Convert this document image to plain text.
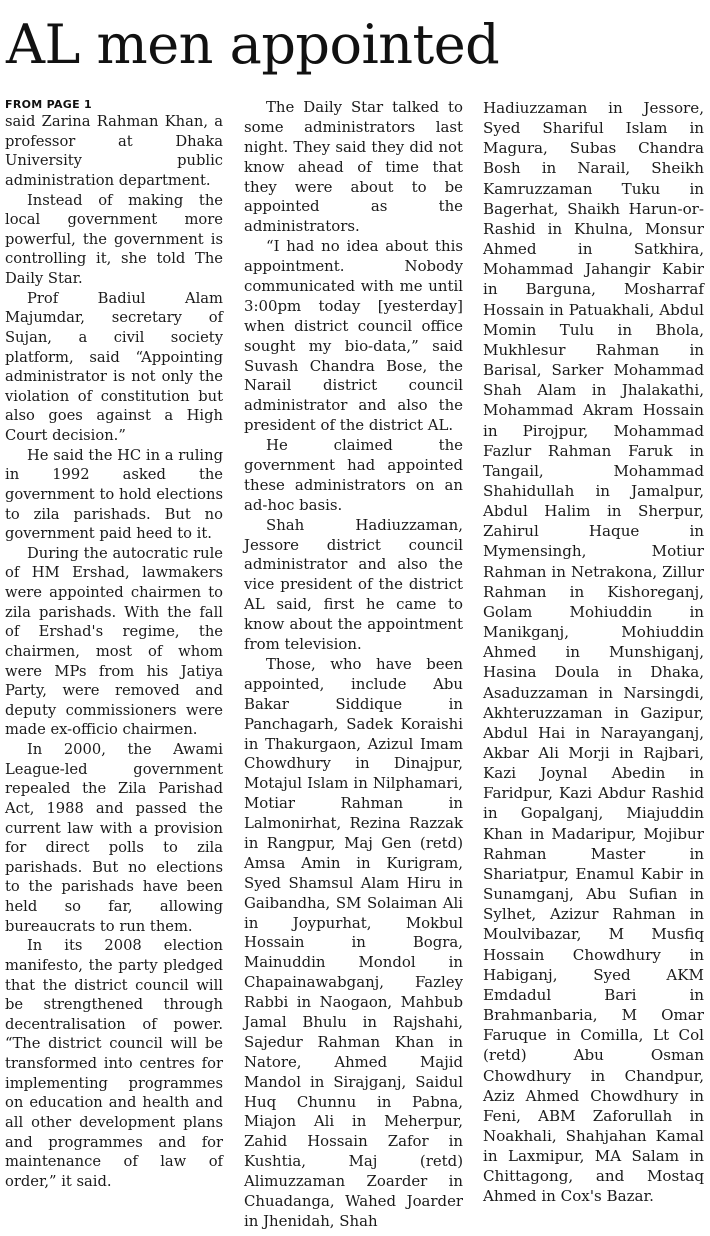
AL men appointed
FROM PAGE 1

said Zarina Rahman Khan, a professor at Dhaka University public administration department.

Instead of making the local government more powerful, the government is controlling it, she told The Daily Star.

Prof Badiul Alam Majumdar, secretary of Sujan, a civil society platform, said “Appointing administrator is not only the violation of constitution but also goes against a High Court decision.”

He said the HC in a ruling in 1992 asked the government to hold elections to zila parishads. But no government paid heed to it.

During the autocratic rule of HM Ershad, lawmakers were appointed chairmen to zila parishads. With the fall of Ershad's regime, the chairmen, most of whom were MPs from his Jatiya Party, were removed and deputy commissioners were made ex-officio chairmen.

In 2000, the Awami League-led government repealed the Zila Parishad Act, 1988 and passed the current law with a provision for direct polls to zila parishads. But no elections to the parishads have been held so far, allowing bureaucrats to run them.

In its 2008 election manifesto, the party pledged that the district council will be strengthened through decentralisation of power. “The district council will be transformed into centres for implementing programmes on education and health and all other development plans and programmes and for maintenance of law of order,” it said.

The Daily Star talked to some administrators last night. They said they did not know ahead of time that they were about to be appointed as the administrators.

“I had no idea about this appointment. Nobody communicated with me until 3:00pm today [yesterday] when district council office sought my bio-data,” said Suvash Chandra Bose, the Narail district council administrator and also the president of the district AL.

He claimed the government had appointed these administrators on an ad-hoc basis.

Shah Hadiuzzaman, Jessore district council administrator and also the vice president of the district AL said, first he came to know about the appointment from television.

Those, who have been appointed, include Abu Bakar Siddique in Panchagarh, Sadek Koraishi in Thakurgaon, Azizul Imam Chowdhury in Dinajpur, Motajul Islam in Nilphamari, Motiar Rahman in Lalmonirhat, Rezina Razzak in Rangpur, Maj Gen (retd) Amsa Amin in Kurigram, Syed Shamsul Alam Hiru in Gaibandha, SM Solaiman Ali in Joypurhat, Mokbul Hossain in Bogra, Mainuddin Mondol in Chapainawabganj, Fazley Rabbi in Naogaon, Mahbub Jamal Bhulu in Rajshahi, Sajedur Rahman Khan in Natore, Ahmed Majid Mandol in Sirajganj, Saidul Huq Chunnu in Pabna, Miajon Ali in Meherpur, Zahid Hossain Zafor in Kushtia, Maj (retd) Alimuzzaman Zoarder in Chuadanga, Wahed Joarder in Jhenidah, Shah

Hadiuzzaman in Jessore, Syed Shariful Islam in Magura, Subas Chandra Bosh in Narail, Sheikh Kamruzzaman Tuku in Bagerhat, Shaikh Harun-or-Rashid in Khulna, Monsur Ahmed in Satkhira, Mohammad Jahangir Kabir in Barguna, Mosharraf Hossain in Patuakhali, Abdul Momin Tulu in Bhola, Mukhlesur Rahman in Barisal, Sarker Mohammad Shah Alam in Jhalakathi, Mohammad Akram Hossain in Pirojpur, Mohammad Fazlur Rahman Faruk in Tangail, Mohammad Shahidullah in Jamalpur, Abdul Halim in Sherpur, Zahirul Haque in Mymensingh, Motiur Rahman in Netrakona, Zillur Rahman in Kishoreganj, Golam Mohiuddin in Manikganj, Mohiuddin Ahmed in Munshiganj, Hasina Doula in Dhaka, Asaduzzaman in Narsingdi, Akhteruzzaman in Gazipur, Abdul Hai in Narayanganj, Akbar Ali Morji in Rajbari, Kazi Joynal Abedin in Faridpur, Kazi Abdur Rashid in Gopalganj, Miajuddin Khan in Madaripur, Mojibur Rahman Master in Shariatpur, Enamul Kabir in Sunamganj, Abu Sufian in Sylhet, Azizur Rahman in Moulvibazar, M Musfiq Hossain Chowdhury in Habiganj, Syed AKM Emdadul Bari in Brahmanbaria, M Omar Faruque in Comilla, Lt Col (retd) Abu Osman Chowdhury in Chandpur, Aziz Ahmed Chowdhury in Feni, ABM Zaforullah in Noakhali, Shahjahan Kamal in Laxmipur, MA Salam in Chittagong, and Mostaq Ahmed in Cox's Bazar.
